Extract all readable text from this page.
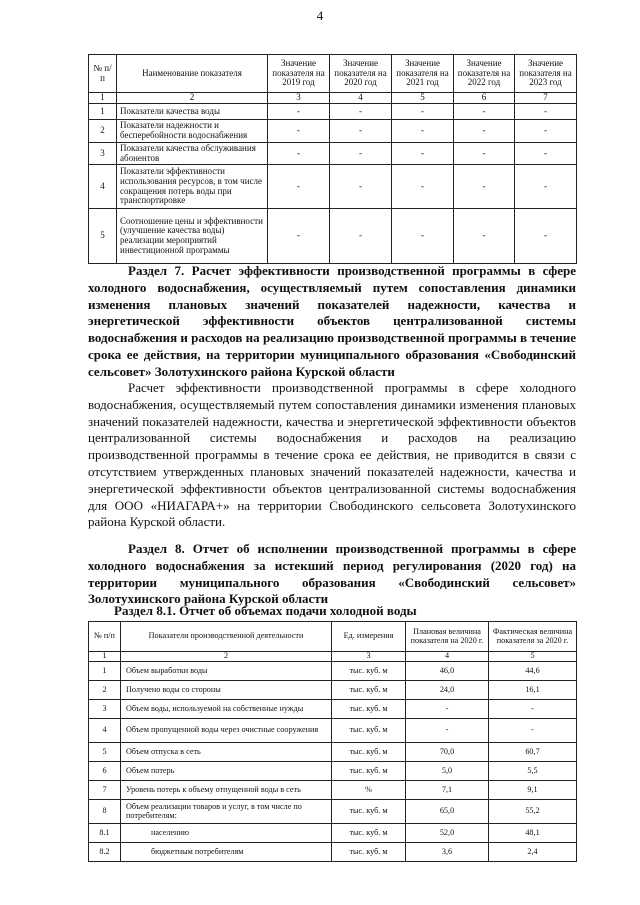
4
№ п/п	Наименование показателя	Значение показателя на 2019 год	Значение показателя на 2020 год	Значение показателя на 2021 год	Значение показателя на 2022 год	Значение показателя на 2023 год
1	2	3	4	5	6	7
1	Показатели качества воды	-	-	-	-	-
2	Показатели надежности и бесперебойности водоснабжения	-	-	-	-	-
3	Показатели качества обслуживания абонентов	-	-	-	-	-
4	Показатели эффективности использования ресурсов, в том числе сокращения потерь воды при транспортировке	-	-	-	-	-
5	Соотношение цены и эффективности (улучшение качества воды) реализации мероприятий инвестиционной программы	-	-	-	-	-
Раздел 7. Расчет эффективности производственной программы в сфере холодного водоснабжения, осуществляемый путем сопоставления динамики изменения плановых значений показателей надежности, качества и энергетической эффективности объектов централизованной системы водоснабжения и расходов на реализацию производственной программы в течение срока ее действия, на территории муниципального образования «Свободинский сельсовет» Золотухинского района Курской области
Расчет эффективности производственной программы в сфере холодного водоснабжения, осуществляемый путем сопоставления динамики изменения плановых значений показателей надежности, качества и энергетической эффективности объектов централизованной системы водоснабжения и расходов на реализацию производственной программы в течение срока ее действия, не приводится в связи с отсутствием утвержденных плановых значений показателей надежности, качества и энергетической эффективности объектов централизованной системы водоснабжения для ООО «НИАГАРА+» на территории Свободинского сельсовета Золотухинского района Курской области.
Раздел 8. Отчет об исполнении производственной программы в сфере холодного водоснабжения за истекший период регулирования (2020 год) на территории муниципального образования «Свободинский сельсовет» Золотухинского района Курской области
Раздел 8.1. Отчет об объемах подачи холодной воды
№ п/п	Показатели производственной деятельности	Ед. измерения	Плановая величина показателя на 2020 г.	Фактическая величина показателя за 2020 г.
1	2	3	4	5
1	Объем выработки воды	тыс. куб. м	46,0	44,6
2	Получено воды со стороны	тыс. куб. м	24,0	16,1
3	Объем воды, используемой на собственные нужды	тыс. куб. м	-	-
4	Объем пропущенной воды через очистные сооружения	тыс. куб. м	-	-
5	Объем отпуска в сеть	тыс. куб. м	70,0	60,7
6	Объем потерь	тыс. куб. м	5,0	5,5
7	Уровень потерь к объему отпущенной воды в сеть	%	7,1	9,1
8	Объем реализации товаров и услуг, в том числе по потребителям:	тыс. куб. м	65,0	55,2
8.1	населению	тыс. куб. м	52,0	48,1
8.2	бюджетным потребителям	тыс. куб. м	3,6	2,4
